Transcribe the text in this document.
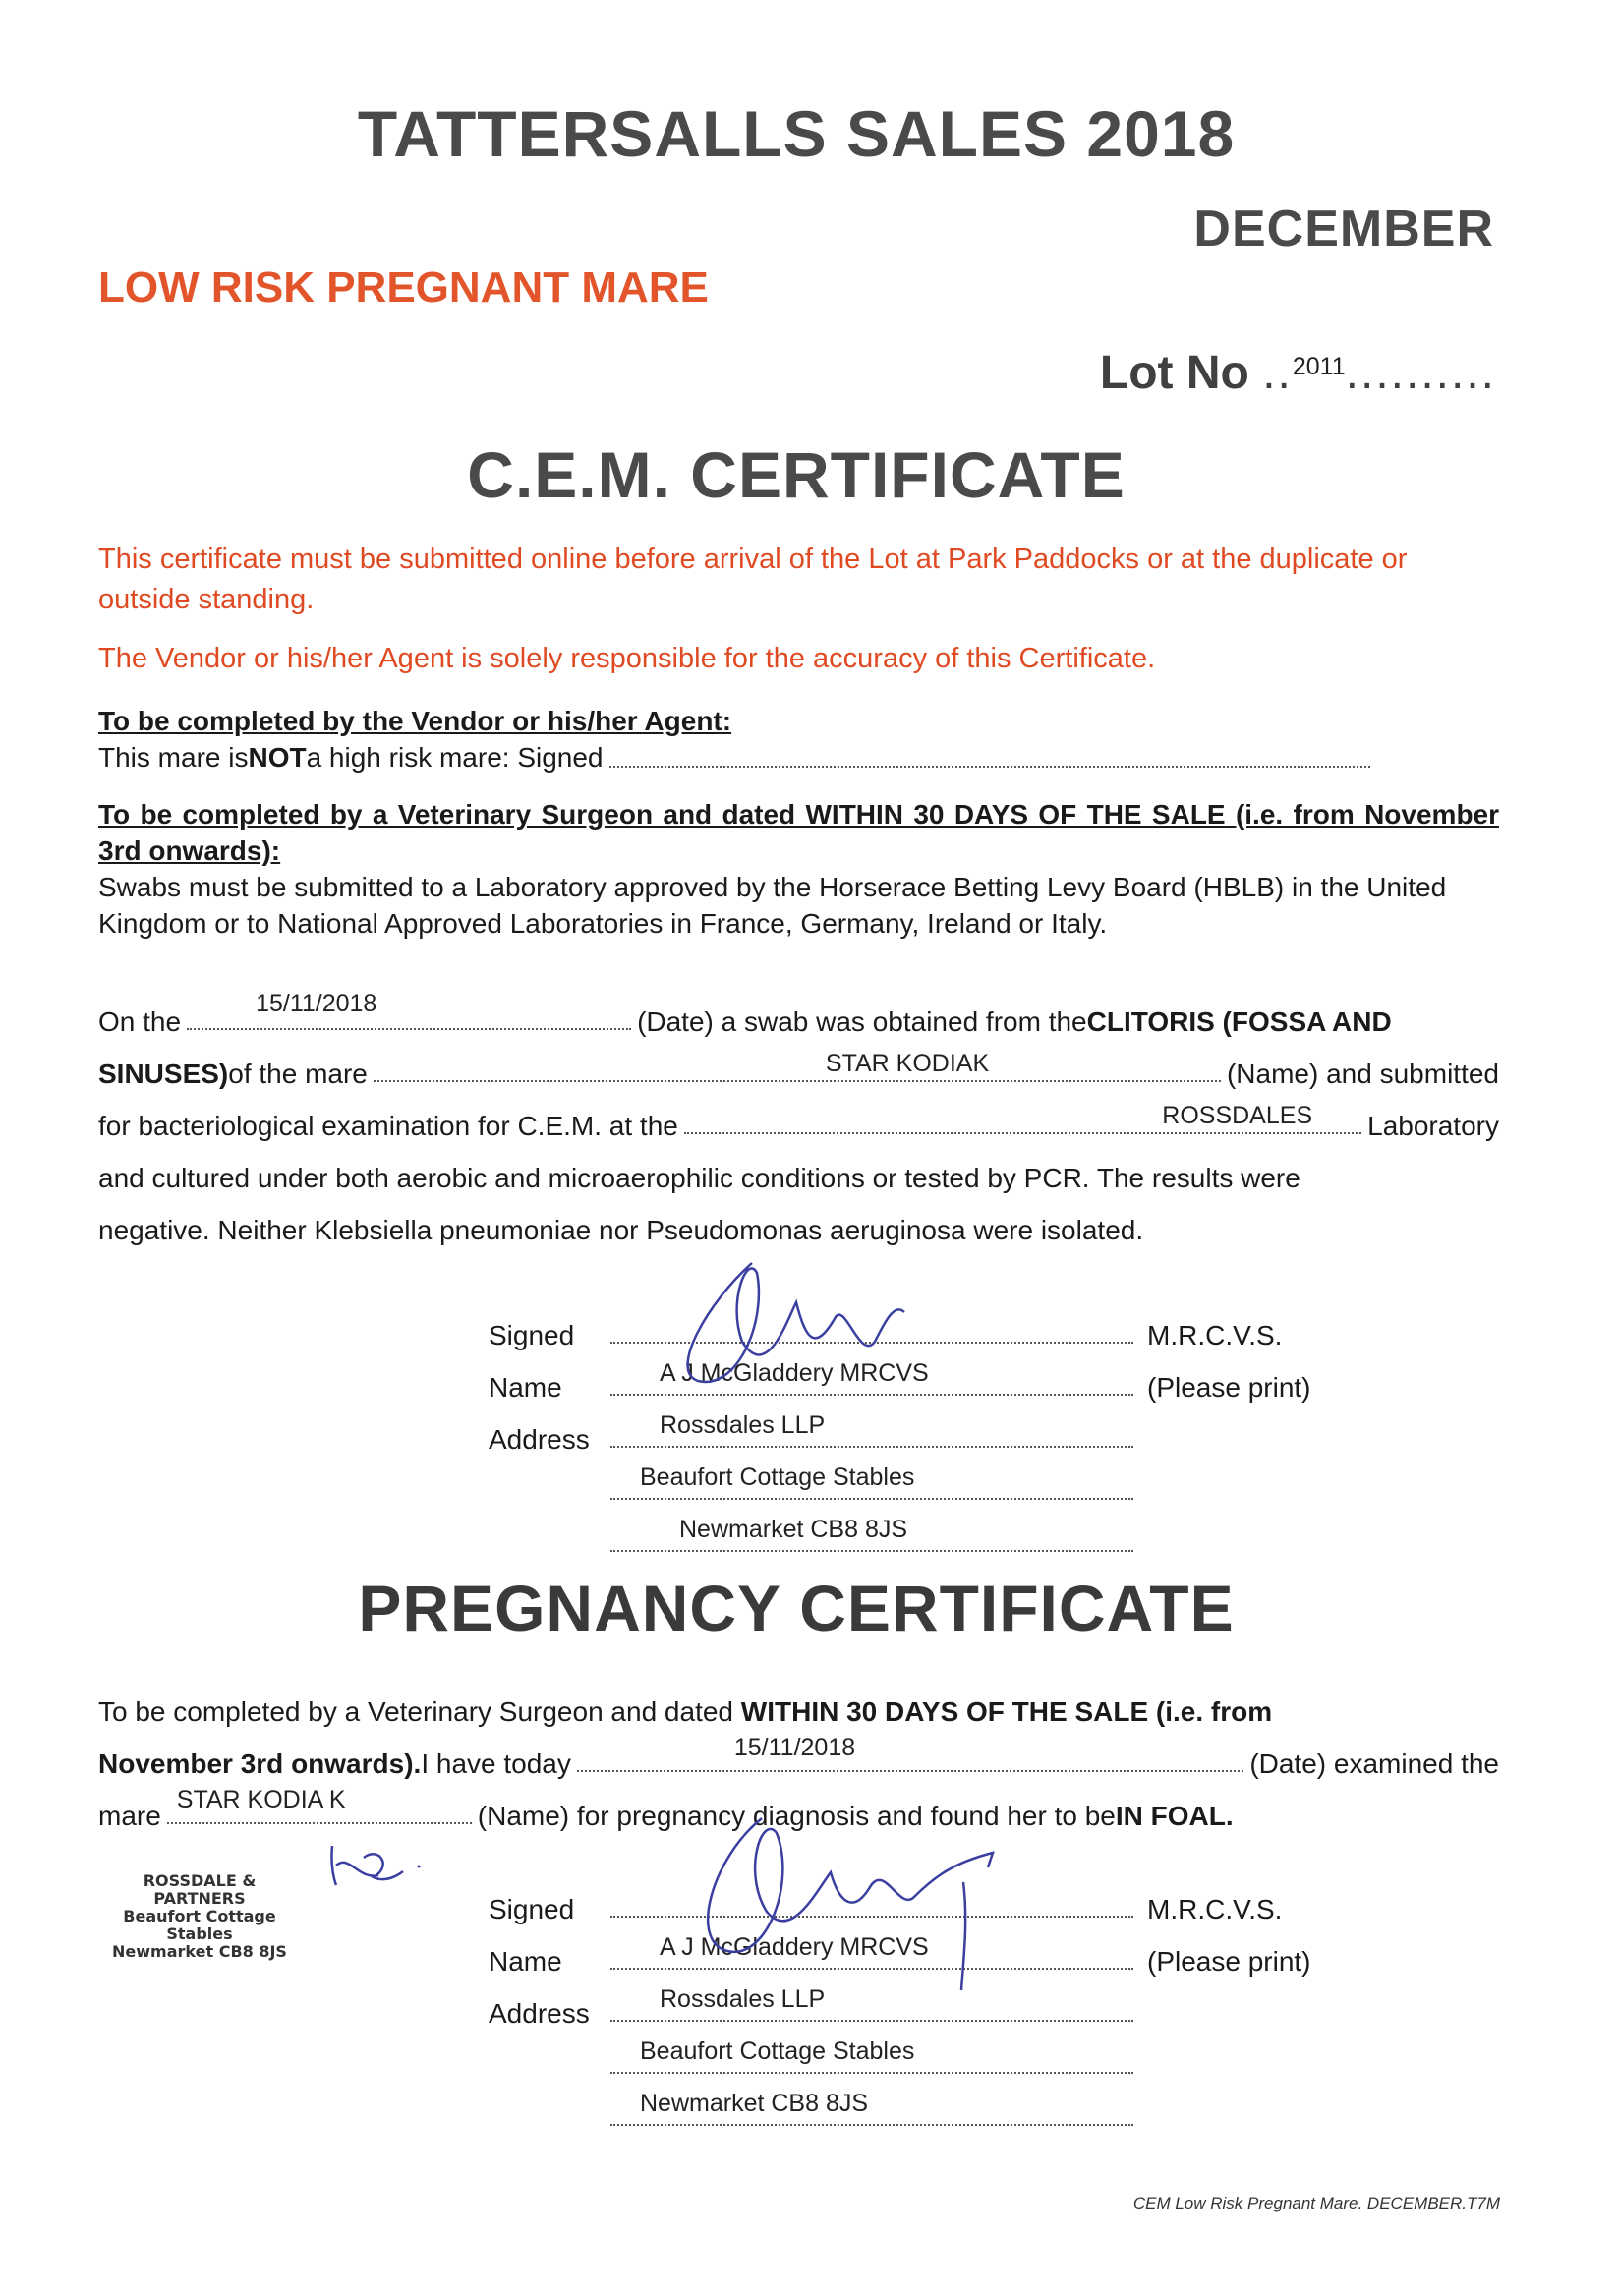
TATTERSALLS SALES 2018
DECEMBER
LOW RISK PREGNANT MARE
Lot No ..$^{2011}$..........
C.E.M. CERTIFICATE
This certificate must be submitted online before arrival of the Lot at Park Paddocks or at the duplicate or outside standing.
The Vendor or his/her Agent is solely responsible for the accuracy of this Certificate.
To be completed by the Vendor or his/her Agent:
This mare is NOT a high risk mare: Signed
To be completed by a Veterinary Surgeon and dated WITHIN 30 DAYS OF THE SALE (i.e. from November 3rd onwards):
Swabs must be submitted to a Laboratory approved by the Horserace Betting Levy Board (HBLB) in the United Kingdom or to National Approved Laboratories in France, Germany, Ireland or Italy.
On the
15/11/2018
(Date) a swab was obtained from the CLITORIS (FOSSA AND
SINUSES) of the mare	STAR KODIAK	(Name) and submitted
for bacteriological examination for C.E.M. at the	ROSSDALES Laboratory
and cultured under both aerobic and microaerophilic conditions or tested by PCR. The results were
negative. Neither Klebsiella pneumoniae nor Pseudomonas aeruginosa were isolated.
Signed	M.R.C.V.S.
Name	A J McGladdery MRCVS	(Please print)
Address	Rossdales LLP
Beaufort Cottage Stables
Newmarket CB8 8JS
PREGNANCY CERTIFICATE
To be completed by a Veterinary Surgeon and dated WITHIN 30 DAYS OF THE SALE (i.e. from
November 3rd onwards). I have today
15/11/2018
(Date) examined the
mare
STAR KODIA K
(Name) for pregnancy diagnosis and found her to be IN FOAL.
ROSSDALE & PARTNERS
Beaufort Cottage Stables
Newmarket CB8 8JS
Signed	M.R.C.V.S.
Name	A J McGladdery MRCVS	(Please print)
Address	Rossdales LLP
Beaufort Cottage Stables
Newmarket CB8 8JS
CEM Low Risk Pregnant Mare. DECEMBER.T7M
